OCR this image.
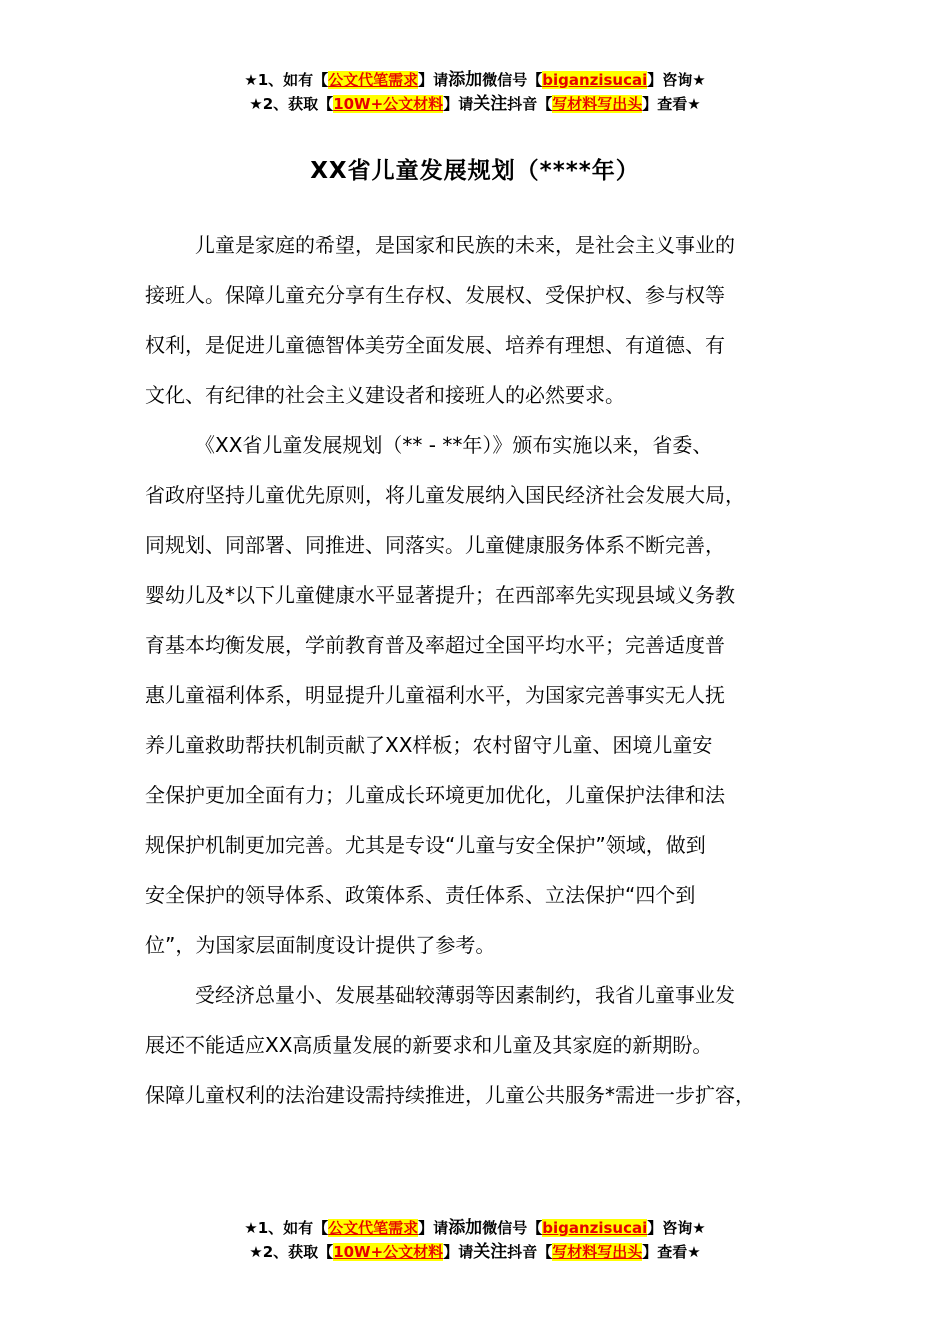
★1、如有【公文代笔需求】请添加微信号【biganzisucai】咨询★
★2、获取【10W+公文材料】请关注抖音【写材料写出头】查看★
XX省儿童发展规划（****年）
儿童是家庭的希望，是国家和民族的未来，是社会主义事业的
接班人。保障儿童充分享有生存权、发展权、受保护权、参与权等
权利，是促进儿童德智体美劳全面发展、培养有理想、有道德、有
文化、有纪律的社会主义建设者和接班人的必然要求。
《XX省儿童发展规划（** - **年）》颁布实施以来，省委、
省政府坚持儿童优先原则，将儿童发展纳入国民经济社会发展大局，
同规划、同部署、同推进、同落实。儿童健康服务体系不断完善，
婴幼儿及*以下儿童健康水平显著提升；在西部率先实现县域义务教
育基本均衡发展，学前教育普及率超过全国平均水平；完善适度普
惠儿童福利体系，明显提升儿童福利水平，为国家完善事实无人抚
养儿童救助帮扶机制贡献了XX样板；农村留守儿童、困境儿童安
全保护更加全面有力；儿童成长环境更加优化，儿童保护法律和法
规保护机制更加完善。尤其是专设“儿童与安全保护”领域，做到
安全保护的领导体系、政策体系、责任体系、立法保护“四个到
位”，为国家层面制度设计提供了参考。
受经济总量小、发展基础较薄弱等因素制约，我省儿童事业发
展还不能适应XX高质量发展的新要求和儿童及其家庭的新期盼。
保障儿童权利的法治建设需持续推进，儿童公共服务*需进一步扩容，
★1、如有【公文代笔需求】请添加微信号【biganzisucai】咨询★
★2、获取【10W+公文材料】请关注抖音【写材料写出头】查看★
